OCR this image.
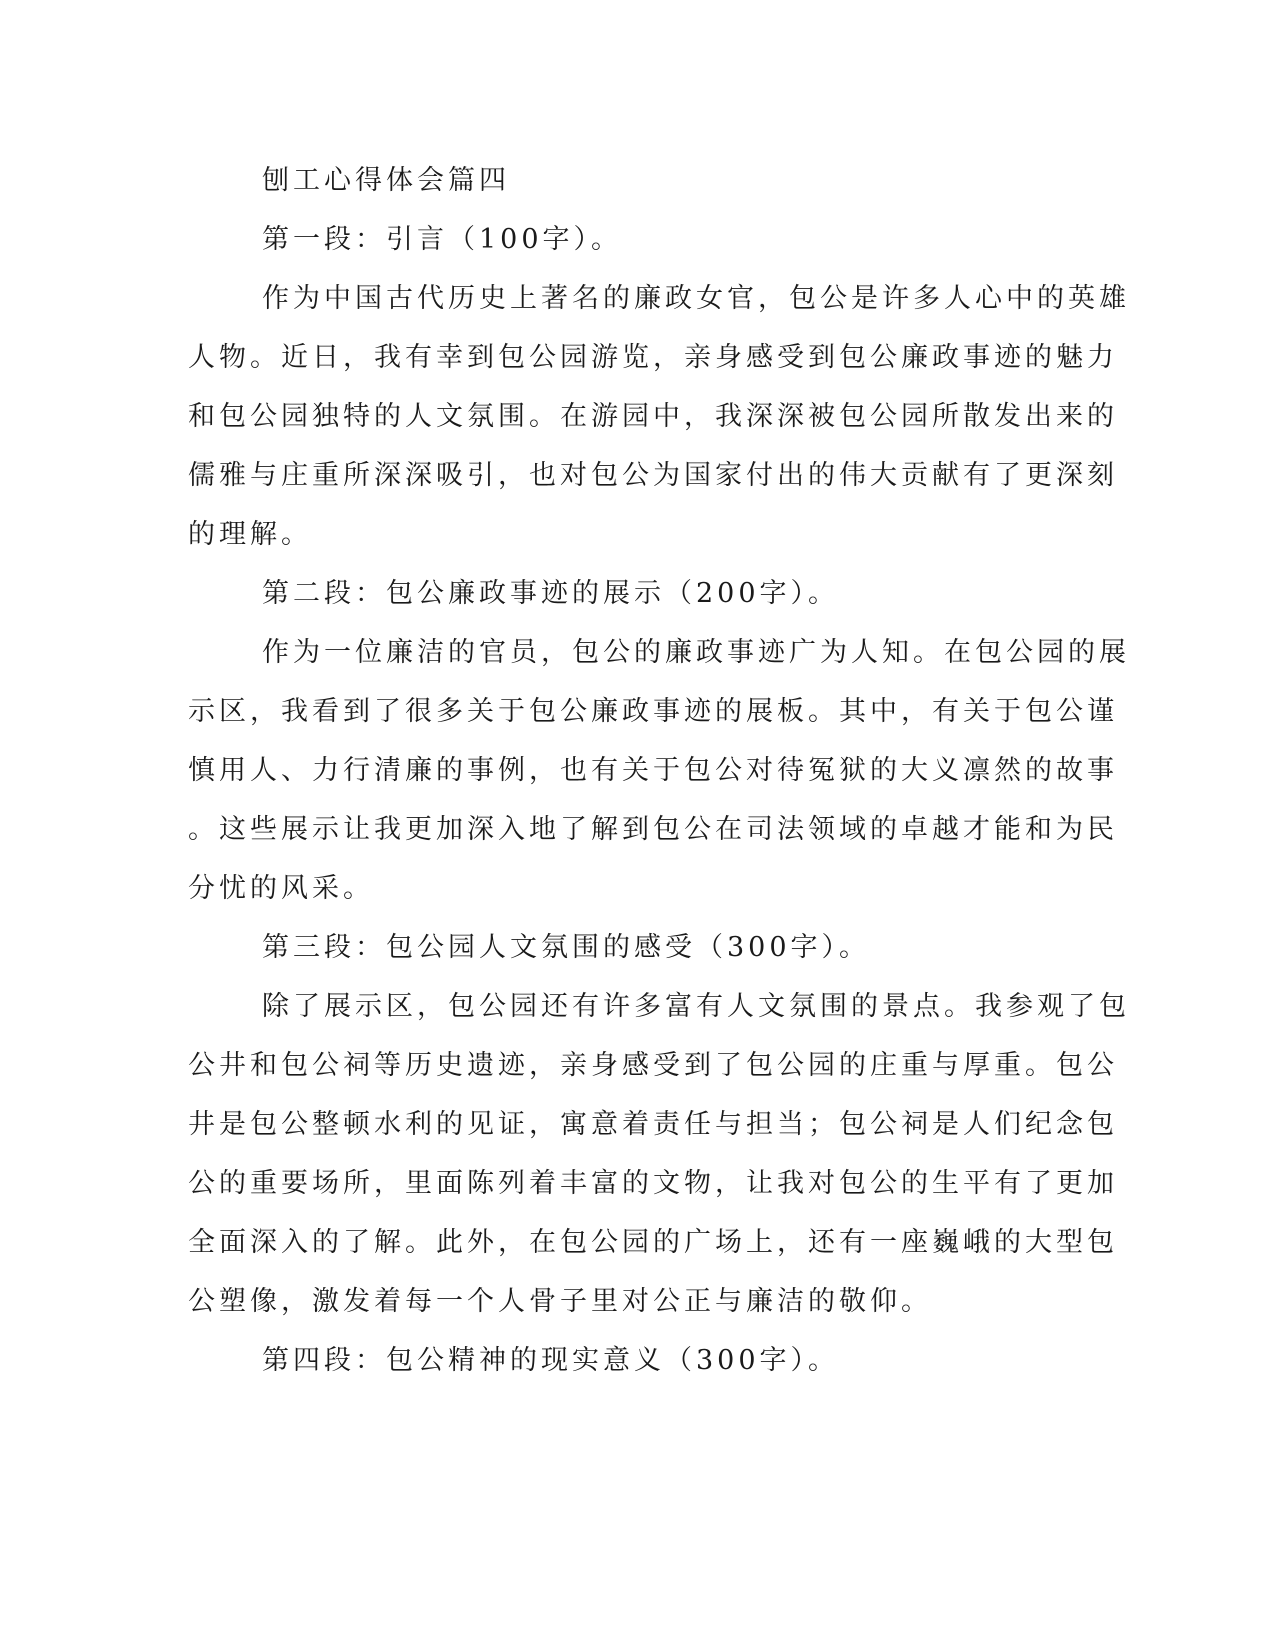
刨工心得体会篇四

第一段：引言（100字）。

作为中国古代历史上著名的廉政女官，包公是许多人心中的英雄

人物。近日，我有幸到包公园游览，亲身感受到包公廉政事迹的魅力

和包公园独特的人文氛围。在游园中，我深深被包公园所散发出来的

儒雅与庄重所深深吸引，也对包公为国家付出的伟大贡献有了更深刻

的理解。

第二段：包公廉政事迹的展示（200字）。

作为一位廉洁的官员，包公的廉政事迹广为人知。在包公园的展

示区，我看到了很多关于包公廉政事迹的展板。其中，有关于包公谨

慎用人、力行清廉的事例，也有关于包公对待冤狱的大义凛然的故事

。这些展示让我更加深入地了解到包公在司法领域的卓越才能和为民

分忧的风采。

第三段：包公园人文氛围的感受（300字）。

除了展示区，包公园还有许多富有人文氛围的景点。我参观了包

公井和包公祠等历史遗迹，亲身感受到了包公园的庄重与厚重。包公

井是包公整顿水利的见证，寓意着责任与担当；包公祠是人们纪念包

公的重要场所，里面陈列着丰富的文物，让我对包公的生平有了更加

全面深入的了解。此外，在包公园的广场上，还有一座巍峨的大型包

公塑像，激发着每一个人骨子里对公正与廉洁的敬仰。

第四段：包公精神的现实意义（300字）。
